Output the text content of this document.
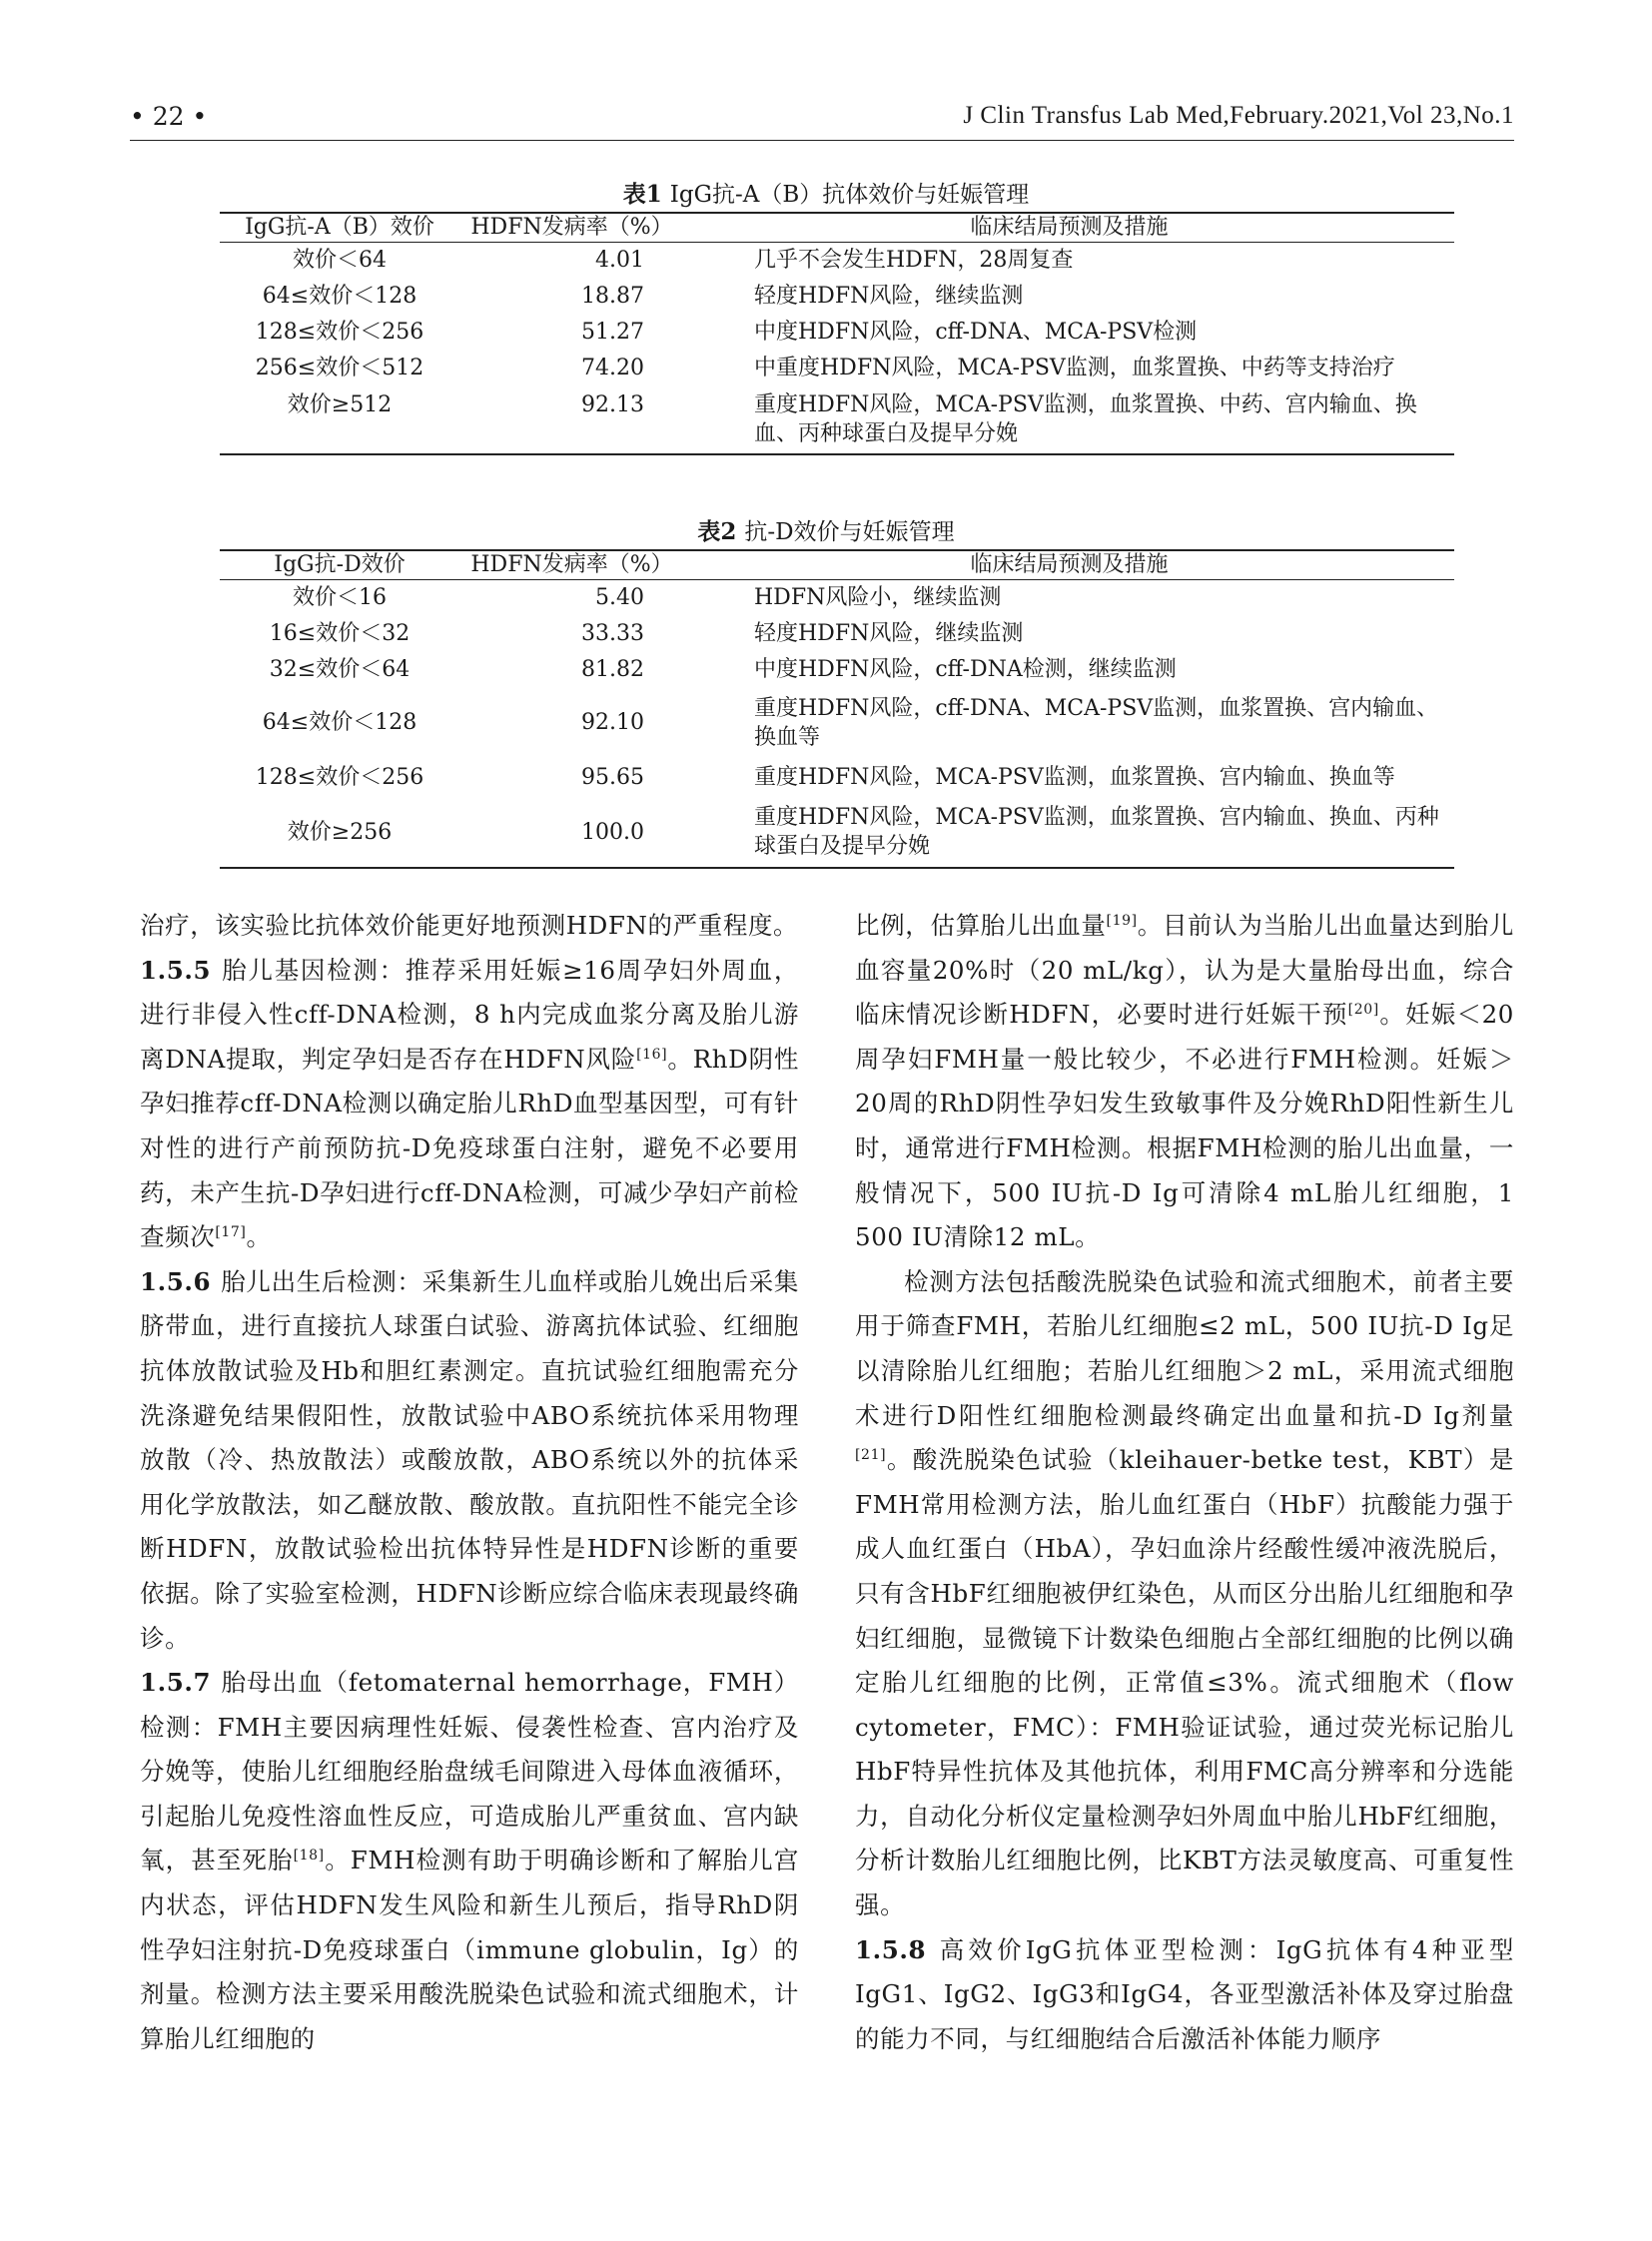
• 22 •	J Clin Transfus Lab Med,February.2021,Vol 23,No.1
表1 IgG抗-A（B）抗体效价与妊娠管理
IgG抗-A（B）效价	HDFN发病率（%）	临床结局预测及措施
效价＜64	4.01	几乎不会发生HDFN，28周复查
64≤效价＜128	18.87	轻度HDFN风险，继续监测
128≤效价＜256	51.27	中度HDFN风险，cff-DNA、MCA-PSV检测
256≤效价＜512	74.20	中重度HDFN风险，MCA-PSV监测，血浆置换、中药等支持治疗
效价≥512	92.13	重度HDFN风险，MCA-PSV监测，血浆置换、中药、宫内输血、换血、丙种球蛋白及提早分娩
表2 抗-D效价与妊娠管理
IgG抗-D效价	HDFN发病率（%）	临床结局预测及措施
效价＜16	5.40	HDFN风险小，继续监测
16≤效价＜32	33.33	轻度HDFN风险，继续监测
32≤效价＜64	81.82	中度HDFN风险，cff-DNA检测，继续监测
64≤效价＜128	92.10	重度HDFN风险，cff-DNA、MCA-PSV监测，血浆置换、宫内输血、换血等
128≤效价＜256	95.65	重度HDFN风险，MCA-PSV监测，血浆置换、宫内输血、换血等
效价≥256	100.0	重度HDFN风险，MCA-PSV监测，血浆置换、宫内输血、换血、丙种球蛋白及提早分娩

治疗，该实验比抗体效价能更好地预测HDFN的严重程度。

1.5.5 胎儿基因检测：推荐采用妊娠≥16周孕妇外周血，进行非侵入性cff-DNA检测，8 h内完成血浆分离及胎儿游离DNA提取，判定孕妇是否存在HDFN风险[16]。RhD阴性孕妇推荐cff-DNA检测以确定胎儿RhD血型基因型，可有针对性的进行产前预防抗-D免疫球蛋白注射，避免不必要用药，未产生抗-D孕妇进行cff-DNA检测，可减少孕妇产前检查频次[17]。

1.5.6 胎儿出生后检测：采集新生儿血样或胎儿娩出后采集脐带血，进行直接抗人球蛋白试验、游离抗体试验、红细胞抗体放散试验及Hb和胆红素测定。直抗试验红细胞需充分洗涤避免结果假阳性，放散试验中ABO系统抗体采用物理放散（冷、热放散法）或酸放散，ABO系统以外的抗体采用化学放散法，如乙醚放散、酸放散。直抗阳性不能完全诊断HDFN，放散试验检出抗体特异性是HDFN诊断的重要依据。除了实验室检测，HDFN诊断应综合临床表现最终确诊。

1.5.7 胎母出血（fetomaternal hemorrhage，FMH）检测：FMH主要因病理性妊娠、侵袭性检查、宫内治疗及分娩等，使胎儿红细胞经胎盘绒毛间隙进入母体血液循环，引起胎儿免疫性溶血性反应，可造成胎儿严重贫血、宫内缺氧，甚至死胎[18]。FMH检测有助于明确诊断和了解胎儿宫内状态，评估HDFN发生风险和新生儿预后，指导RhD阴性孕妇注射抗-D免疫球蛋白（immune globulin，Ig）的剂量。检测方法主要采用酸洗脱染色试验和流式细胞术，计算胎儿红细胞的

比例，估算胎儿出血量[19]。目前认为当胎儿出血量达到胎儿血容量20%时（20 mL/kg），认为是大量胎母出血，综合临床情况诊断HDFN，必要时进行妊娠干预[20]。妊娠＜20周孕妇FMH量一般比较少，不必进行FMH检测。妊娠＞20周的RhD阴性孕妇发生致敏事件及分娩RhD阳性新生儿时，通常进行FMH检测。根据FMH检测的胎儿出血量，一般情况下，500 IU抗-D Ig可清除4 mL胎儿红细胞，1 500 IU清除12 mL。

检测方法包括酸洗脱染色试验和流式细胞术，前者主要用于筛查FMH，若胎儿红细胞≤2 mL，500 IU抗-D Ig足以清除胎儿红细胞；若胎儿红细胞＞2 mL，采用流式细胞术进行D阳性红细胞检测最终确定出血量和抗-D Ig剂量[21]。酸洗脱染色试验（kleihauer-betke test，KBT）是FMH常用检测方法，胎儿血红蛋白（HbF）抗酸能力强于成人血红蛋白（HbA），孕妇血涂片经酸性缓冲液洗脱后，只有含HbF红细胞被伊红染色，从而区分出胎儿红细胞和孕妇红细胞，显微镜下计数染色细胞占全部红细胞的比例以确定胎儿红细胞的比例，正常值≤3%。流式细胞术（flow cytometer，FMC）：FMH验证试验，通过荧光标记胎儿HbF特异性抗体及其他抗体，利用FMC高分辨率和分选能力，自动化分析仪定量检测孕妇外周血中胎儿HbF红细胞，分析计数胎儿红细胞比例，比KBT方法灵敏度高、可重复性强。

1.5.8 高效价IgG抗体亚型检测：IgG抗体有4种亚型IgG1、IgG2、IgG3和IgG4，各亚型激活补体及穿过胎盘的能力不同，与红细胞结合后激活补体能力顺序
